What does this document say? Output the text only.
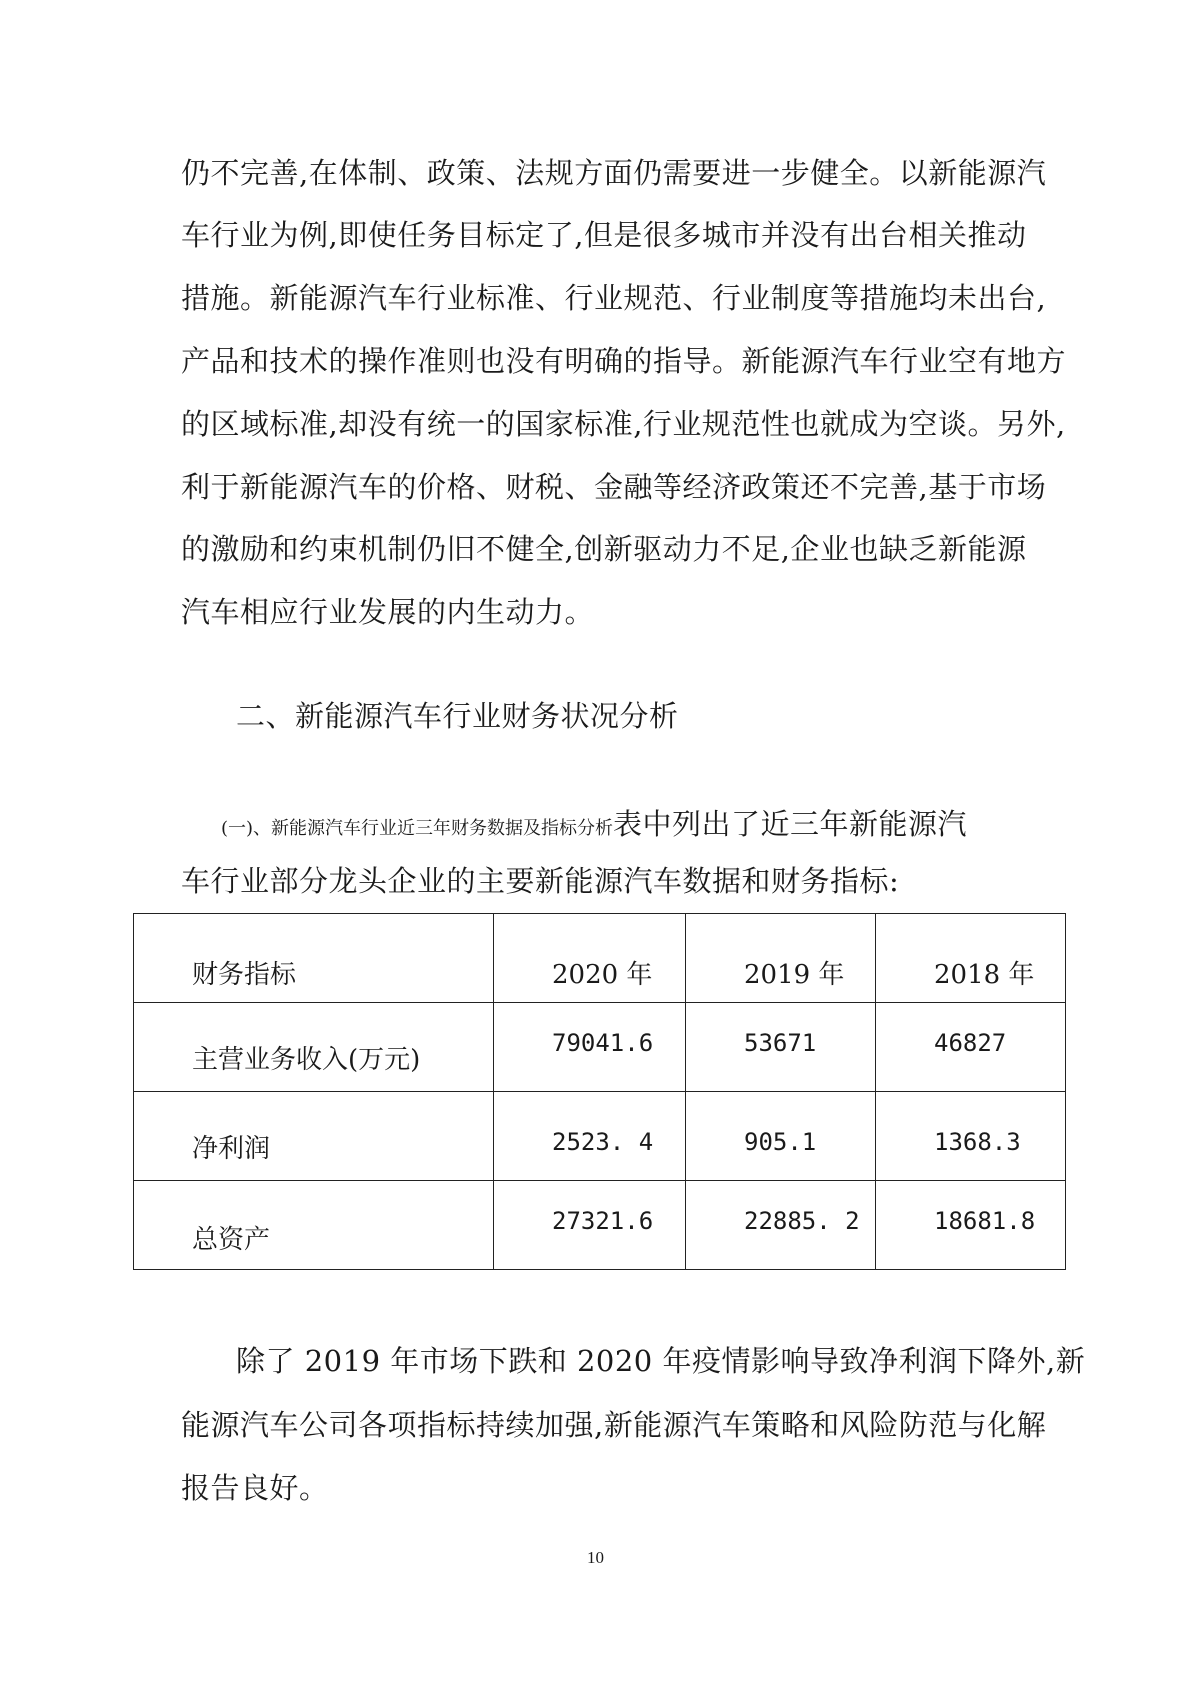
仍不完善,在体制、政策、法规方面仍需要进一步健全。以新能源汽
车行业为例,即使任务目标定了,但是很多城市并没有出台相关推动
措施。新能源汽车行业标准、行业规范、行业制度等措施均未出台,
产品和技术的操作准则也没有明确的指导。新能源汽车行业空有地方
的区域标准,却没有统一的国家标准,行业规范性也就成为空谈。另外,
利于新能源汽车的价格、财税、金融等经济政策还不完善,基于市场
的激励和约束机制仍旧不健全,创新驱动力不足,企业也缺乏新能源
汽车相应行业发展的内生动力。
二、新能源汽车行业财务状况分析
(一)、新能源汽车行业近三年财务数据及指标分析表中列出了近三年新能源汽
车行业部分龙头企业的主要新能源汽车数据和财务指标:
财务指标	2020 年	2019 年	2018 年

主营业务收入(万元)	79041.6	53671	46827

净利润	2523. 4	905.1	1368.3

总资产	27321.6	22885. 2	18681.8
除了 2019 年市场下跌和 2020 年疫情影响导致净利润下降外,新
能源汽车公司各项指标持续加强,新能源汽车策略和风险防范与化解
报告良好。
10
